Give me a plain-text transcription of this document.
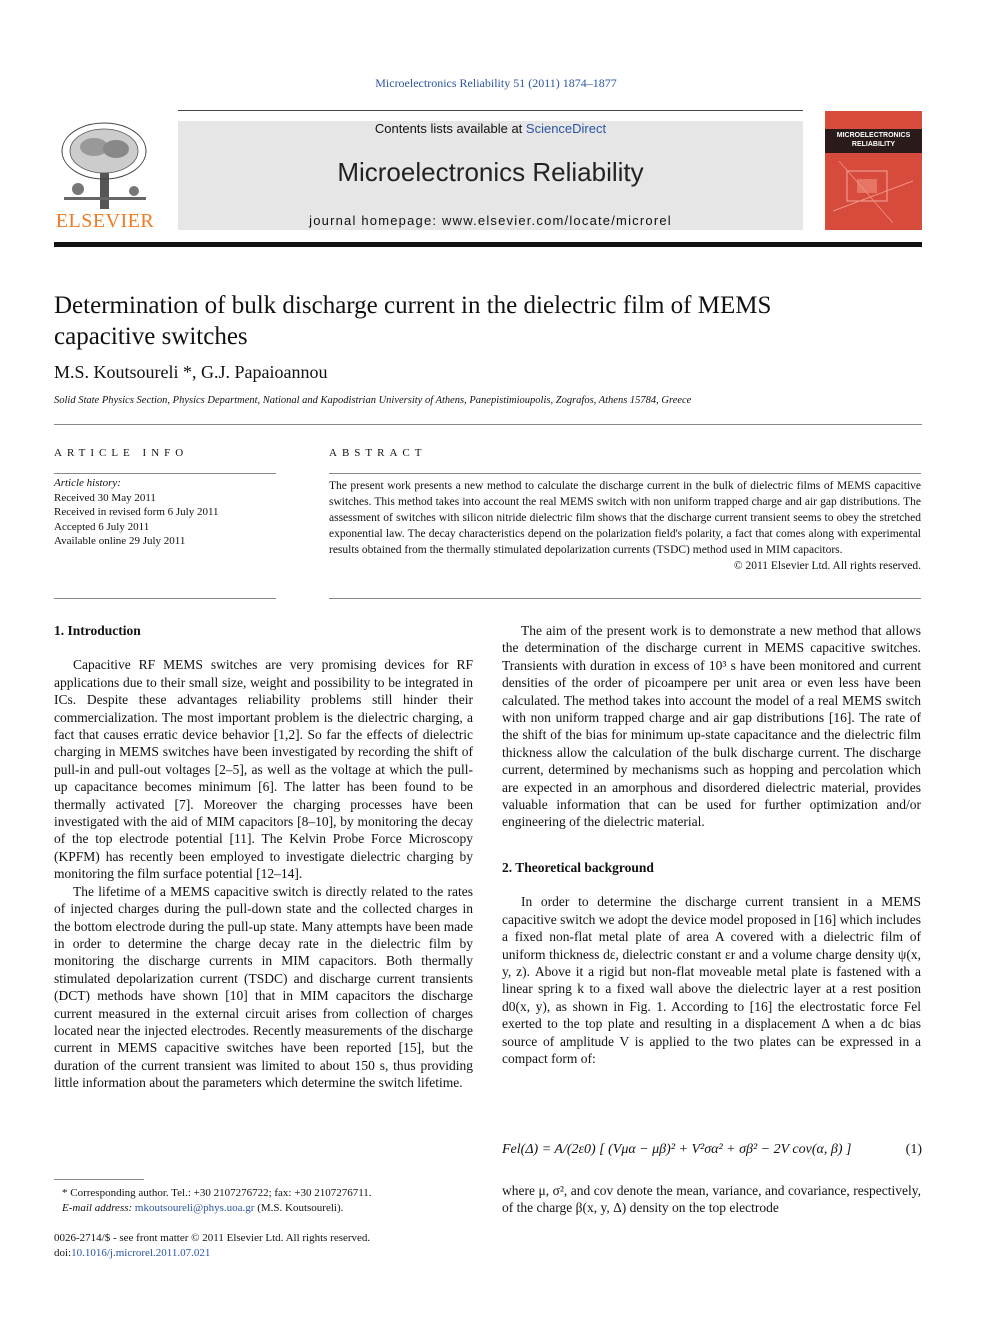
Microelectronics Reliability 51 (2011) 1874–1877
ELSEVIER
Contents lists available at ScienceDirect
Microelectronics Reliability
journal homepage: www.elsevier.com/locate/microrel
MICROELECTRONICS RELIABILITY
Determination of bulk discharge current in the dielectric film of MEMS capacitive switches
M.S. Koutsoureli *, G.J. Papaioannou
Solid State Physics Section, Physics Department, National and Kapodistrian University of Athens, Panepistimioupolis, Zografos, Athens 15784, Greece
ARTICLE INFO
Article history:
Received 30 May 2011
Received in revised form 6 July 2011
Accepted 6 July 2011
Available online 29 July 2011
ABSTRACT
The present work presents a new method to calculate the discharge current in the bulk of dielectric films of MEMS capacitive switches. This method takes into account the real MEMS switch with non uniform trapped charge and air gap distributions. The assessment of switches with silicon nitride dielectric film shows that the discharge current transient seems to obey the stretched exponential law. The decay characteristics depend on the polarization field's polarity, a fact that comes along with experimental results obtained from the thermally stimulated depolarization currents (TSDC) method used in MIM capacitors.
© 2011 Elsevier Ltd. All rights reserved.
1. Introduction

Capacitive RF MEMS switches are very promising devices for RF applications due to their small size, weight and possibility to be integrated in ICs. Despite these advantages reliability problems still hinder their commercialization. The most important problem is the dielectric charging, a fact that causes erratic device behavior [1,2]. So far the effects of dielectric charging in MEMS switches have been investigated by recording the shift of pull-in and pull-out voltages [2–5], as well as the voltage at which the pull-up capacitance becomes minimum [6]. The latter has been found to be thermally activated [7]. Moreover the charging processes have been investigated with the aid of MIM capacitors [8–10], by monitoring the decay of the top electrode potential [11]. The Kelvin Probe Force Microscopy (KPFM) has recently been employed to investigate dielectric charging by monitoring the film surface potential [12–14].

The lifetime of a MEMS capacitive switch is directly related to the rates of injected charges during the pull-down state and the collected charges in the bottom electrode during the pull-up state. Many attempts have been made in order to determine the charge decay rate in the dielectric film by monitoring the discharge currents in MIM capacitors. Both thermally stimulated depolarization current (TSDC) and discharge current transients (DCT) methods have shown [10] that in MIM capacitors the discharge current measured in the external circuit arises from collection of charges located near the injected electrodes. Recently measurements of the discharge current in MEMS capacitive switches have been reported [15], but the duration of the current transient was limited to about 150 s, thus providing little information about the parameters which determine the switch lifetime.

The aim of the present work is to demonstrate a new method that allows the determination of the discharge current in MEMS capacitive switches. Transients with duration in excess of 10³ s have been monitored and current densities of the order of picoampere per unit area or even less have been calculated. The method takes into account the model of a real MEMS switch with non uniform trapped charge and air gap distributions [16]. The rate of the shift of the bias for minimum up-state capacitance and the dielectric film thickness allow the calculation of the bulk discharge current. The discharge current, determined by mechanisms such as hopping and percolation which are expected in an amorphous and disordered dielectric material, provides valuable information that can be used for further optimization and/or engineering of the dielectric material.

2. Theoretical background

In order to determine the discharge current transient in a MEMS capacitive switch we adopt the device model proposed in [16] which includes a fixed non-flat metal plate of area A covered with a dielectric film of uniform thickness dε, dielectric constant εr and a volume charge density ψ(x, y, z). Above it a rigid but non-flat moveable metal plate is fastened with a linear spring k to a fixed wall above the dielectric layer at a rest position d0(x, y), as shown in Fig. 1. According to [16] the electrostatic force Fel exerted to the top plate and resulting in a displacement Δ when a dc bias source of amplitude V is applied to the two plates can be expressed in a compact form of:

Fel(Δ) = A/(2ε0) [ (Vμα − μβ)² + V²σα² + σβ² − 2V cov(α, β) ]	(1)

where μ, σ², and cov denote the mean, variance, and covariance, respectively, of the charge β(x, y, Δ) density on the top electrode

* Corresponding author. Tel.: +30 2107276722; fax: +30 2107276711.
E-mail address: mkoutsoureli@phys.uoa.gr (M.S. Koutsoureli).
0026-2714/$ - see front matter © 2011 Elsevier Ltd. All rights reserved.
doi:10.1016/j.microrel.2011.07.021
